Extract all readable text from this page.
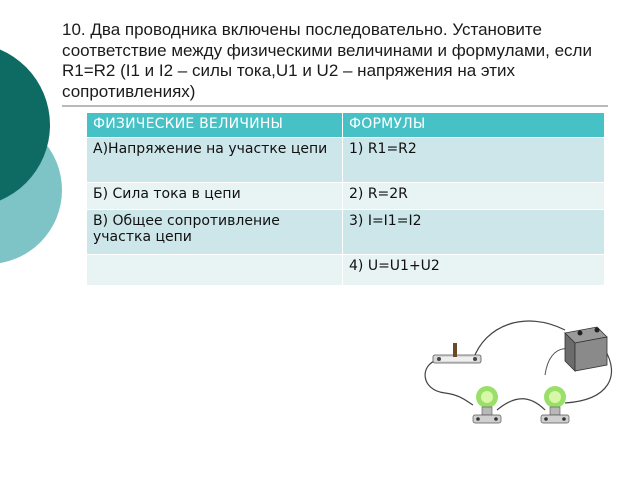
10. Два проводника включены последовательно. Установите соответствие между физическими величинами и формулами, если R1=R2 (I1 и I2 – силы тока,U1 и U2 – напряжения на этих сопротивлениях)
ФИЗИЧЕСКИЕ ВЕЛИЧИНЫ	ФОРМУЛЫ
А)Напряжение на участке цепи	1) R1=R2
Б) Сила тока в цепи	2) R=2R
В) Общее сопротивление участка цепи	3) I=I1=I2
	4) U=U1+U2
